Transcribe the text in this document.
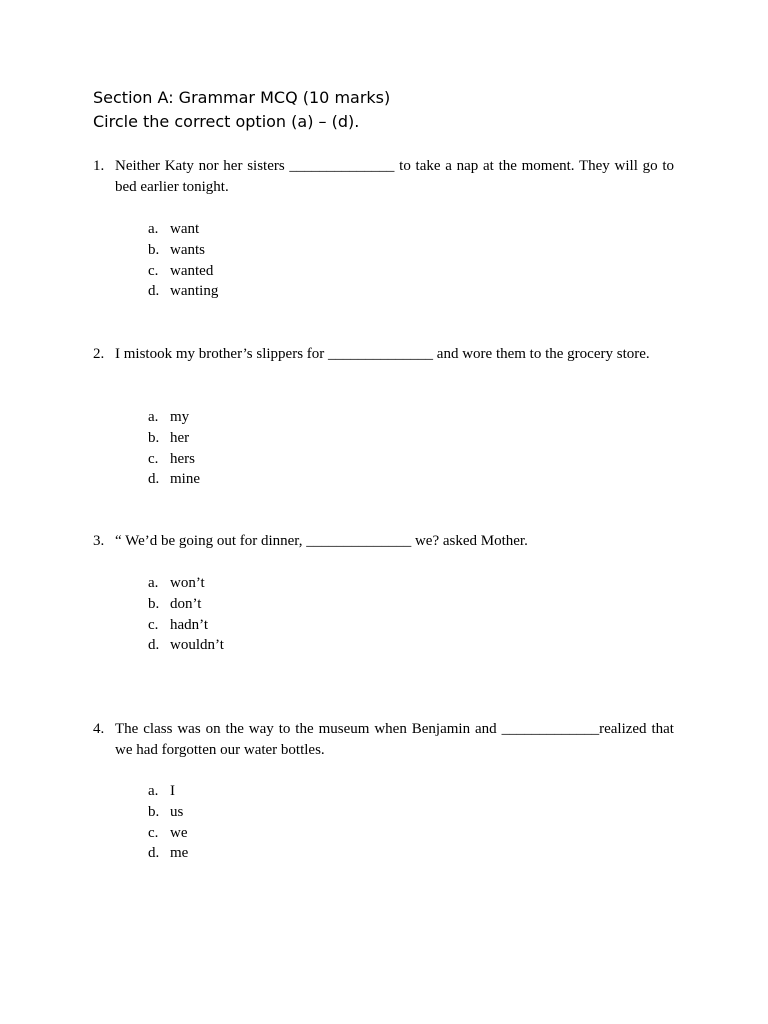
Section A: Grammar MCQ (10 marks)
Circle the correct option (a) – (d).
1. Neither Katy nor her sisters ______________ to take a nap at the moment. They will go to bed earlier tonight.
a. want
b. wants
c. wanted
d. wanting
2. I mistook my brother’s slippers for ______________ and wore them to the grocery store.
a. my
b. her
c. hers
d. mine
3. “ We’d be going out for dinner, ______________ we? asked Mother.
a. won’t
b. don’t
c. hadn’t
d. wouldn’t
4. The class was on the way to the museum when Benjamin and _____________realized that we had forgotten our water bottles.
a. I
b. us
c. we
d. me
